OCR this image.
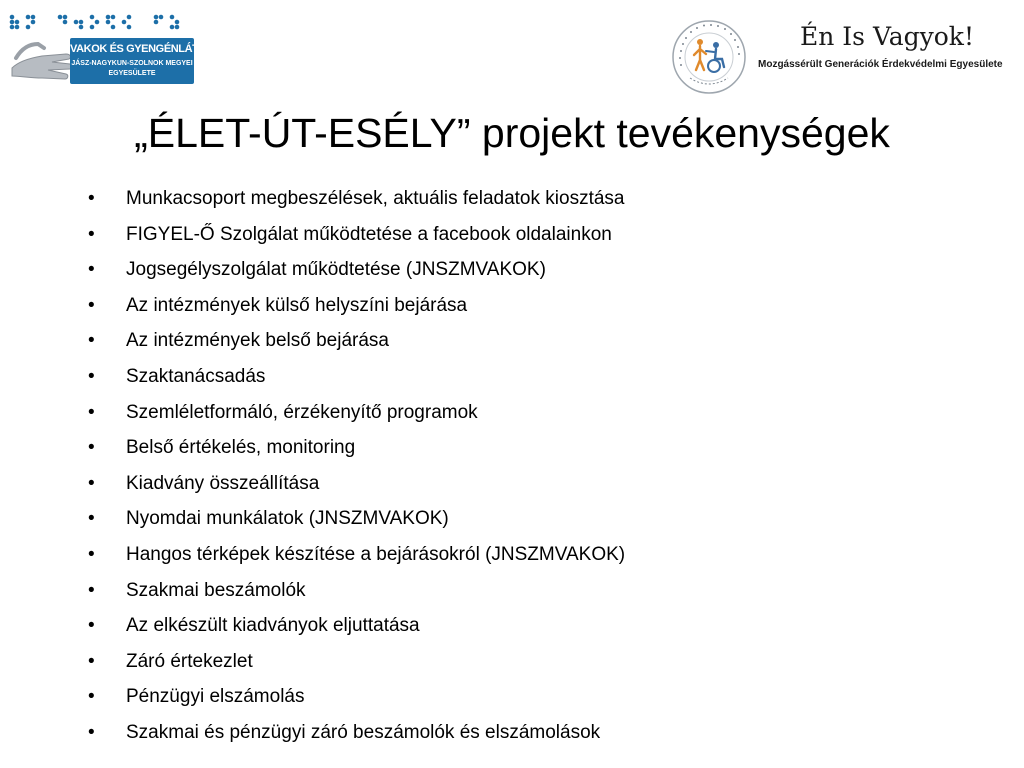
VAKOK ÉS GYENGÉNLÁTÓK
JÁSZ-NAGYKUN-SZOLNOK MEGYEI
EGYESÜLETE
Én Is Vagyok!
Mozgássérült Generációk Érdekvédelmi Egyesülete
„ÉLET-ÚT-ESÉLY” projekt tevékenységek
•	Munkacsoport megbeszélések, aktuális feladatok kiosztása
•	FIGYEL-Ő Szolgálat működtetése a facebook oldalainkon
•	Jogsegélyszolgálat működtetése (JNSZMVAKOK)
•	Az intézmények külső helyszíni bejárása
•	Az intézmények belső bejárása
•	Szaktanácsadás
•	Szemléletformáló, érzékenyítő programok
•	Belső értékelés, monitoring
•	Kiadvány összeállítása
•	Nyomdai munkálatok (JNSZMVAKOK)
•	Hangos térképek készítése a bejárásokról (JNSZMVAKOK)
•	Szakmai beszámolók
•	Az elkészült kiadványok eljuttatása
•	Záró értekezlet
•	Pénzügyi elszámolás
•	Szakmai és pénzügyi záró beszámolók és elszámolások
